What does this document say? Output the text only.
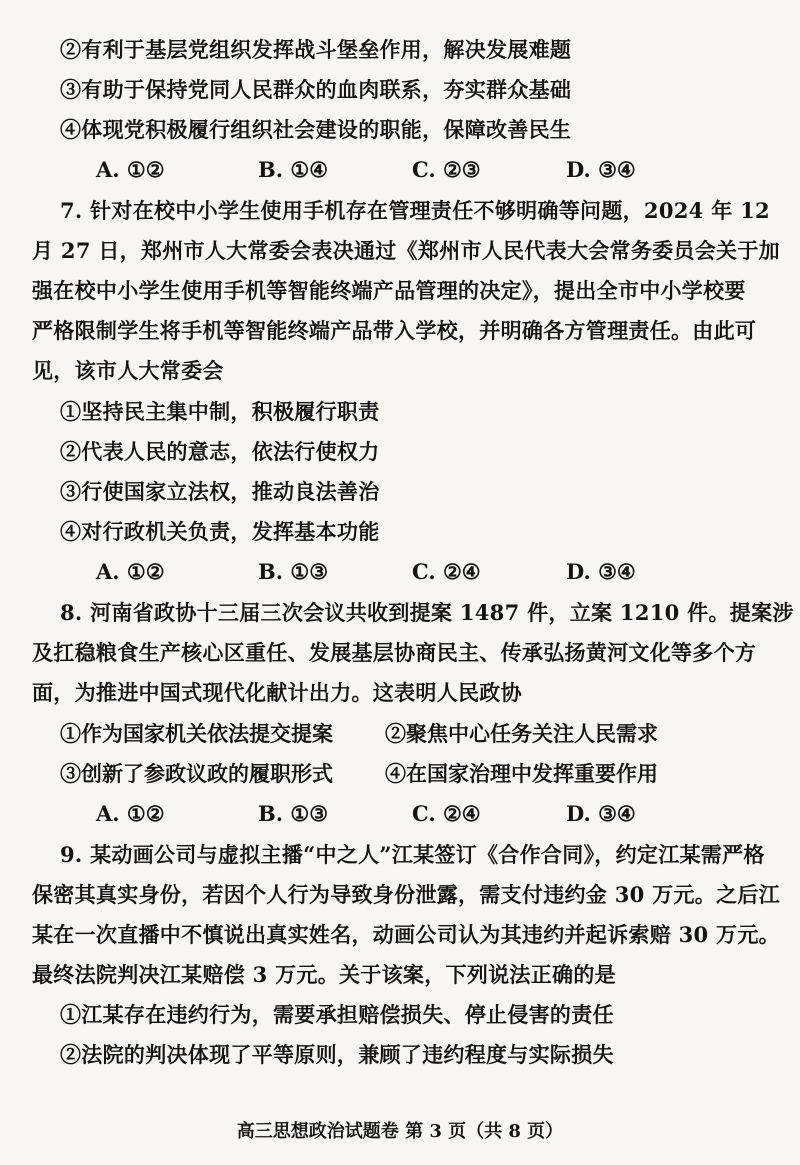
②有利于基层党组织发挥战斗堡垒作用，解决发展难题
③有助于保持党同人民群众的血肉联系，夯实群众基础
④体现党积极履行组织社会建设的职能，保障改善民生
A. ①②	B. ①④	C. ②③	D. ③④
7. 针对在校中小学生使用手机存在管理责任不够明确等问题，2024 年 12
月 27 日，郑州市人大常委会表决通过《郑州市人民代表大会常务委员会关于加
强在校中小学生使用手机等智能终端产品管理的决定》，提出全市中小学校要
严格限制学生将手机等智能终端产品带入学校，并明确各方管理责任。由此可
见，该市人大常委会
①坚持民主集中制，积极履行职责
②代表人民的意志，依法行使权力
③行使国家立法权，推动良法善治
④对行政机关负责，发挥基本功能
A. ①②	B. ①③	C. ②④	D. ③④
8. 河南省政协十三届三次会议共收到提案 1487 件，立案 1210 件。提案涉
及扛稳粮食生产核心区重任、发展基层协商民主、传承弘扬黄河文化等多个方
面，为推进中国式现代化献计出力。这表明人民政协
①作为国家机关依法提交提案 ②聚焦中心任务关注人民需求
③创新了参政议政的履职形式 ④在国家治理中发挥重要作用
A. ①②	B. ①③	C. ②④	D. ③④
9. 某动画公司与虚拟主播“中之人”江某签订《合作合同》，约定江某需严格
保密其真实身份，若因个人行为导致身份泄露，需支付违约金 30 万元。之后江
某在一次直播中不慎说出真实姓名，动画公司认为其违约并起诉索赔 30 万元。
最终法院判决江某赔偿 3 万元。关于该案，下列说法正确的是
①江某存在违约行为，需要承担赔偿损失、停止侵害的责任
②法院的判决体现了平等原则，兼顾了违约程度与实际损失
高三思想政治试题卷 第 3 页（共 8 页）
